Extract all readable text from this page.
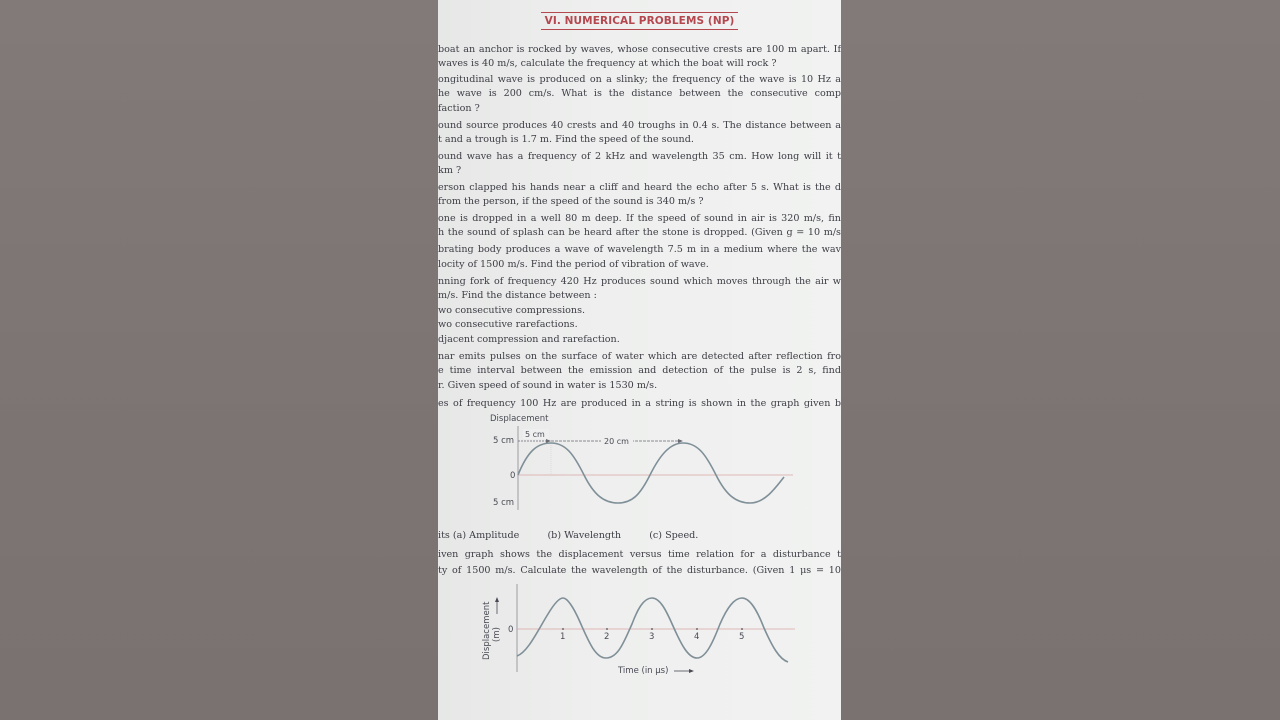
VI. NUMERICAL PROBLEMS (NP)
boat an anchor is rocked by waves, whose consecutive crests are 100 m apart. If
waves is 40 m/s, calculate the frequency at which the boat will rock ?
ongitudinal wave is produced on a slinky; the frequency of the wave is 10 Hz a
he wave is 200 cm/s. What is the distance between the consecutive comp
faction ?
ound source produces 40 crests and 40 troughs in 0.4 s. The distance between a
t and a trough is 1.7 m. Find the speed of the sound.
ound wave has a frequency of 2 kHz and wavelength 35 cm. How long will it t
km ?
erson clapped his hands near a cliff and heard the echo after 5 s. What is the d
from the person, if the speed of the sound is 340 m/s ?
one is dropped in a well 80 m deep. If the speed of sound in air is 320 m/s, fin
h the sound of splash can be heard after the stone is dropped. (Given g = 10 m/s
brating body produces a wave of wavelength 7.5 m in a medium where the wav
locity of 1500 m/s. Find the period of vibration of wave.
nning fork of frequency 420 Hz produces sound which moves through the air w
m/s. Find the distance between :
wo consecutive compressions.
wo consecutive rarefactions.
djacent compression and rarefaction.
nar emits pulses on the surface of water which are detected after reflection fro
e time interval between the emission and detection of the pulse is 2 s, find
r. Given speed of sound in water is 1530 m/s.
es of frequency 100 Hz are produced in a string is shown in the graph given b
Displacement
5 cm
0
5 cm
5 cm
20 cm
its (a) Amplitude	(b) Wavelength	(c) Speed.
iven graph shows the displacement versus time relation for a disturbance t
ty of 1500 m/s. Calculate the wavelength of the disturbance. (Given 1 μs = 10
Displacement (m) 0
1	2	3	4	5
Time (in μs)
